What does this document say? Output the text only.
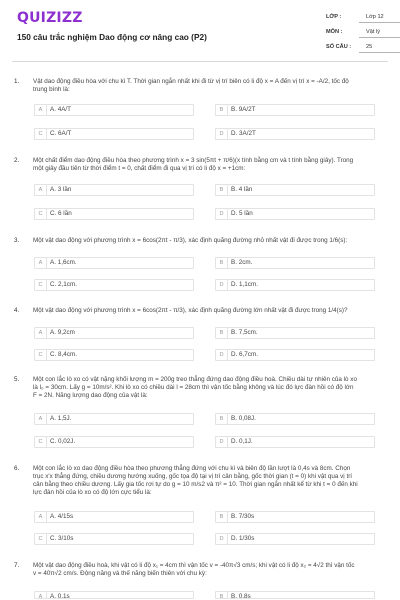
QUIZIZZ
150 câu trắc nghiệm Dao động cơ nâng cao (P2)
LỚP :	Lớp 12
MÔN :	Vật lý
SỐ CÂU :	25
1. Vật dao động điều hòa với chu kì T. Thời gian ngắn nhất khi đi từ vị trí biên có li độ x = A đến vị trí x = -A/2, tốc độ
trung bình là:
A	A. 4A/T	B	B. 9A/2T
C	C. 6A/T	D	D. 3A/2T
2. Một chất điểm dao động điều hòa theo phương trình x = 3 sin(5πt + π/6)(x tính bằng cm và t tính bằng giây). Trong
một giây đầu tiên từ thời điểm t = 0, chất điểm đi qua vị trí có li độ x = +1cm:
A	A. 3 lần	B	B. 4 lần
C	C. 6 lần	D	D. 5 lần
3. Một vật dao động với phương trình x = 6cos(2πt - π/3), xác định quãng đường nhỏ nhất vật đi được trong 1/6(s):
A	A. 1,6cm.	B	B. 2cm.
C	C. 2,1cm.	D	D. 1,1cm.
4. Một vật dao động với phương trình x = 6cos(2πt - π/3), xác định quãng đường lớn nhất vật đi được trong 1/4(s)?
A	A. 9,2cm	B	B. 7,5cm.
C	C. 8,4cm.	D	D. 6,7cm.
5. Một con lắc lò xo có vật nặng khối lượng m = 200g treo thẳng đứng dao động điều hoà. Chiều dài tự nhiên của lò xo
là l₀ = 30cm. Lấy g = 10m/s². Khi lò xo có chiều dài l = 28cm thì vận tốc bằng không và lúc đó lực đàn hồi có độ lớn
F = 2N. Năng lượng dao động của vật là:
A	A. 1,5J.	B	B. 0,08J.
C	C. 0,02J.	D	D. 0,1J.
6. Một con lắc lò xo dao động điều hòa theo phương thẳng đứng với chu kì và biên độ lần lượt là 0,4s và 8cm. Chọn
trục x'x thẳng đứng, chiều dương hướng xuống, gốc tọa độ tại vị trí cân bằng, gốc thời gian (t = 0) khi vật qua vị trí
cân bằng theo chiều dương. Lấy gia tốc rơi tự do g = 10 m/s2 và π² = 10. Thời gian ngắn nhất kể từ khi t = 0 đến khi
lực đàn hồi của lò xo có độ lớn cực tiểu là:
A	A. 4/15s	B	B. 7/30s
C	C. 3/10s	D	D. 1/30s
7. Một vật dao động điều hoà, khi vật có li độ x₁ = 4cm thì vận tốc v = -40π√3 cm/s; khi vật có li độ x₂ = 4√2 thì vận tốc
v = 40π√2 cm/s. Động năng và thế năng biến thiên với chu kỳ:
A	A. 0,1s	B	B. 0,8s
